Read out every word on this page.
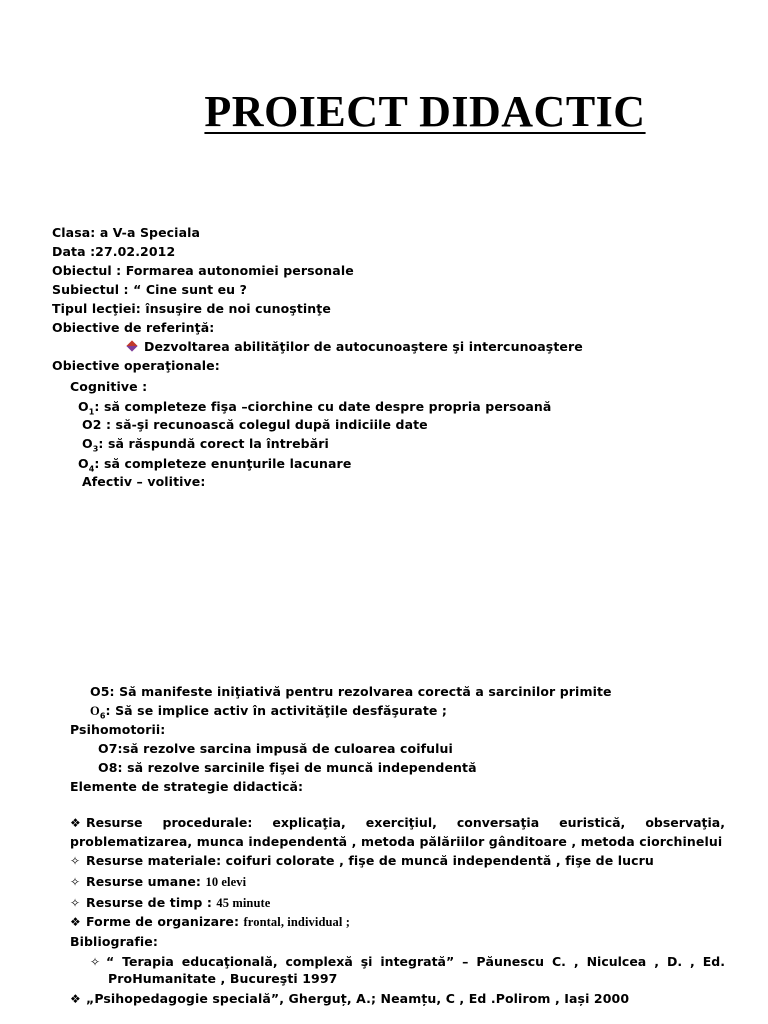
PROIECT DIDACTIC
Clasa: a V-a Speciala
Data :27.02.2012
Obiectul : Formarea autonomiei personale
Subiectul : “ Cine sunt eu ?
Tipul lecţiei: însuşire de noi cunoştinţe
Obiective de referinţă:
Dezvoltarea abilităţilor de autocunoaştere şi intercunoaştere
Obiective operaţionale:
Cognitive :
$O_1$: să completeze fişa –ciorchine cu date despre propria persoană
O2 : să-şi recunoască colegul după indiciile date
$O_3$: să răspundă corect la întrebări
$O_4$: să completeze enunţurile lacunare
Afectiv – volitive:
O5: Să manifeste iniţiativă pentru rezolvarea corectă a sarcinilor primite
$O_6$: Să se implice activ în activităţile desfăşurate ;
Psihomotorii:
O7:să rezolve sarcina impusă de culoarea coifului
O8: să rezolve sarcinile fişei de muncă independentă
Elemente de strategie didactică:
❖ Resurse procedurale: explicaţia, exerciţiul, conversaţia euristică, observaţia,
problematizarea, munca independentă , metoda pălăriilor gânditoare , metoda ciorchinelui
✧ Resurse materiale: coifuri colorate , fişe de muncă independentă , fişe de lucru
✧ Resurse umane: 10 elevi
✧ Resurse de timp : 45 minute
❖ Forme de organizare: frontal, individual ;
Bibliografie:
✧ “ Terapia educaţională, complexă şi integrată” – Păunescu C. , Niculcea , D. , Ed.
ProHumanitate , Bucureşti 1997
❖ „Psihopedagogie specială”, Gherguț, A.; Neamțu, C , Ed .Polirom , Iași 2000
